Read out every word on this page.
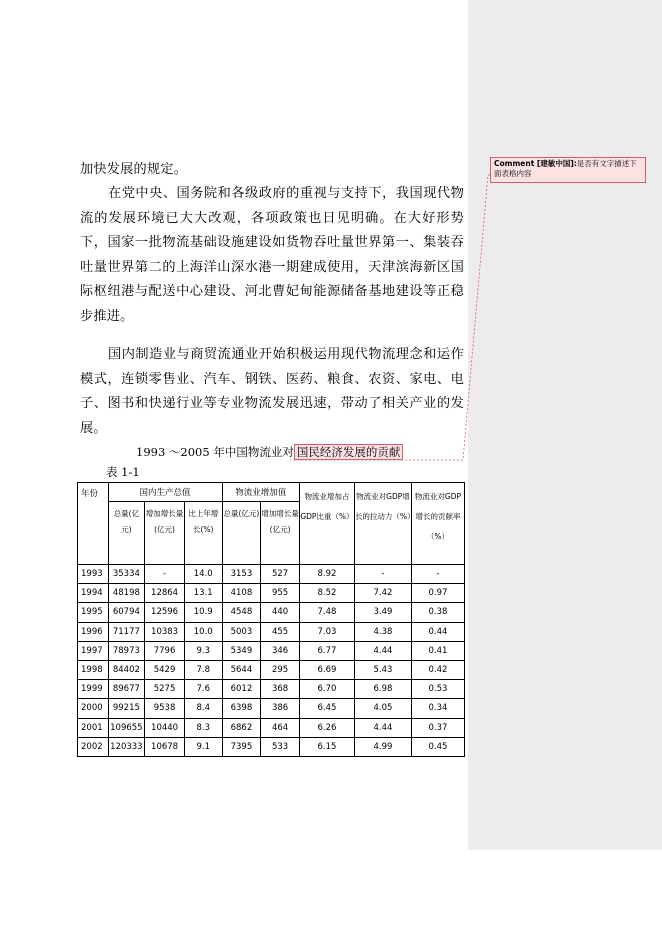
Comment [建敏中国]:是否有文字描述下面表格内容

加快发展的规定。

在党中央、国务院和各级政府的重视与支持下，我国现代物流的发展环境已大大改观，各项政策也日见明确。在大好形势下，国家一批物流基础设施建设如货物吞吐量世界第一、集装吞吐量世界第二的上海洋山深水港一期建成使用，天津滨海新区国际枢纽港与配送中心建设、河北曹妃甸能源储备基地建设等正稳步推进。

国内制造业与商贸流通业开始积极运用现代物流理念和运作模式，连锁零售业、汽车、钢铁、医药、粮食、农资、家电、电子、图书和快递行业等专业物流发展迅速，带动了相关产业的发展。

1993 ～2005 年中国物流业对 国民经济发展的贡献
表 1-1
年份	国内生产总值			物流业增加值		物流业增加占GDP比重（%）	物流业对GDP增长的拉动力（%）	物流业对GDP增长的贡献率（%）
	总量(亿元)	增加增长量(亿元)	比上年增长(%)	总量(亿元)	增加增长量(亿元)			
1993	35334	-	14.0	3153	527	8.92	-	-
1994	48198	12864	13.1	4108	955	8.52	7.42	0.97
1995	60794	12596	10.9	4548	440	7.48	3.49	0.38
1996	71177	10383	10.0	5003	455	7.03	4.38	0.44
1997	78973	7796	9.3	5349	346	6.77	4.44	0.41
1998	84402	5429	7.8	5644	295	6.69	5.43	0.42
1999	89677	5275	7.6	6012	368	6.70	6.98	0.53
2000	99215	9538	8.4	6398	386	6.45	4.05	0.34
2001	109655	10440	8.3	6862	464	6.26	4.44	0.37
2002	120333	10678	9.1	7395	533	6.15	4.99	0.45
